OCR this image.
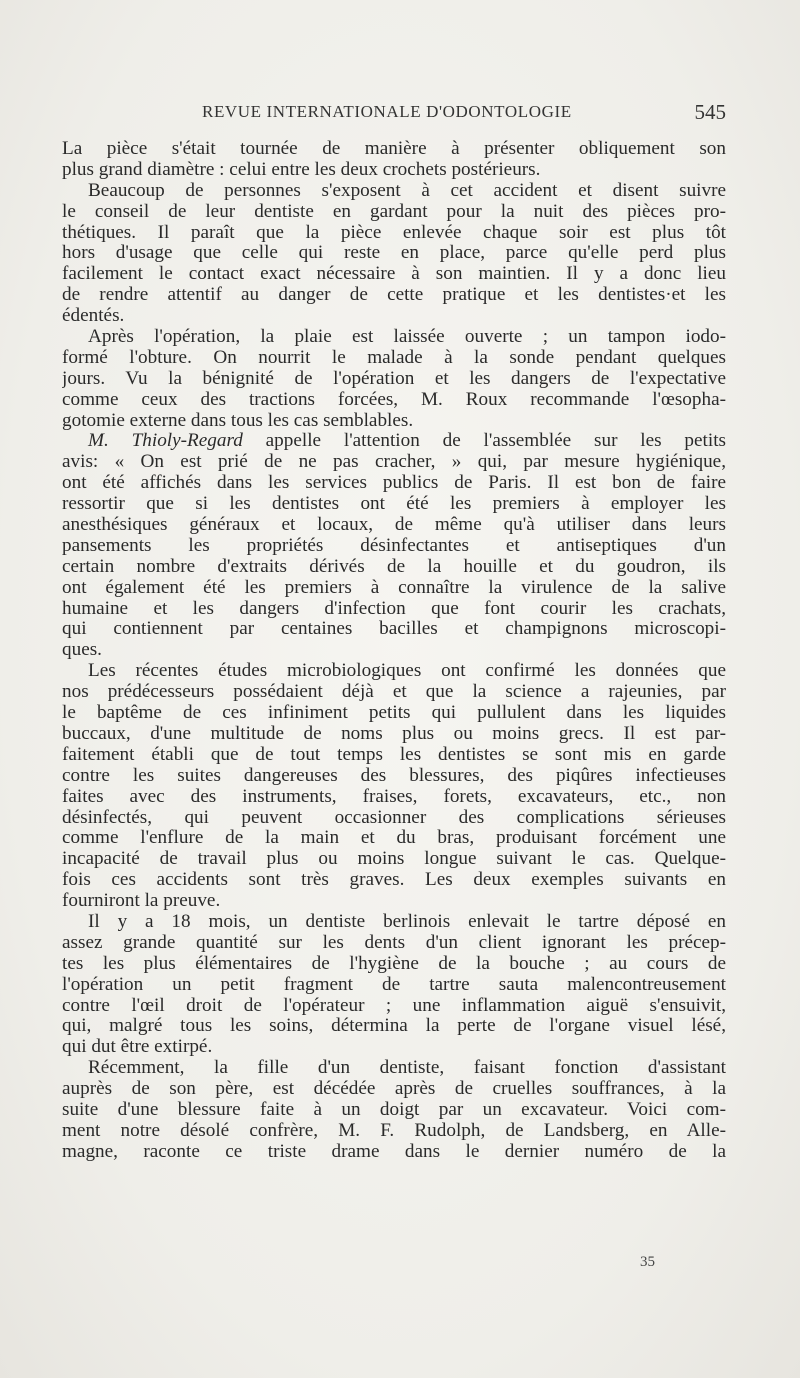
REVUE INTERNATIONALE D'ODONTOLOGIE	545
La pièce s'était tournée de manière à présenter obliquement son
plus grand diamètre : celui entre les deux crochets postérieurs.
Beaucoup de personnes s'exposent à cet accident et disent suivre
le conseil de leur dentiste en gardant pour la nuit des pièces pro-
thétiques. Il paraît que la pièce enlevée chaque soir est plus tôt
hors d'usage que celle qui reste en place, parce qu'elle perd plus
facilement le contact exact nécessaire à son maintien. Il y a donc lieu
de rendre attentif au danger de cette pratique et les dentistes·et les
édentés.
Après l'opération, la plaie est laissée ouverte ; un tampon iodo-
formé l'obture. On nourrit le malade à la sonde pendant quelques
jours. Vu la bénignité de l'opération et les dangers de l'expectative
comme ceux des tractions forcées, M. Roux recommande l'œsopha-
gotomie externe dans tous les cas semblables.
M. Thioly-Regard appelle l'attention de l'assemblée sur les petits
avis: « On est prié de ne pas cracher, » qui, par mesure hygiénique,
ont été affichés dans les services publics de Paris. Il est bon de faire
ressortir que si les dentistes ont été les premiers à employer les
anesthésiques généraux et locaux, de même qu'à utiliser dans leurs
pansements les propriétés désinfectantes et antiseptiques d'un
certain nombre d'extraits dérivés de la houille et du goudron, ils
ont également été les premiers à connaître la virulence de la salive
humaine et les dangers d'infection que font courir les crachats,
qui contiennent par centaines bacilles et champignons microscopi-
ques.
Les récentes études microbiologiques ont confirmé les données que
nos prédécesseurs possédaient déjà et que la science a rajeunies, par
le baptême de ces infiniment petits qui pullulent dans les liquides
buccaux, d'une multitude de noms plus ou moins grecs. Il est par-
faitement établi que de tout temps les dentistes se sont mis en garde
contre les suites dangereuses des blessures, des piqûres infectieuses
faites avec des instruments, fraises, forets, excavateurs, etc., non
désinfectés, qui peuvent occasionner des complications sérieuses
comme l'enflure de la main et du bras, produisant forcément une
incapacité de travail plus ou moins longue suivant le cas. Quelque-
fois ces accidents sont très graves. Les deux exemples suivants en
fourniront la preuve.
Il y a 18 mois, un dentiste berlinois enlevait le tartre déposé en
assez grande quantité sur les dents d'un client ignorant les précep-
tes les plus élémentaires de l'hygiène de la bouche ; au cours de
l'opération un petit fragment de tartre sauta malencontreusement
contre l'œil droit de l'opérateur ; une inflammation aiguë s'ensuivit,
qui, malgré tous les soins, détermina la perte de l'organe visuel lésé,
qui dut être extirpé.
Récemment, la fille d'un dentiste, faisant fonction d'assistant
auprès de son père, est décédée après de cruelles souffrances, à la
suite d'une blessure faite à un doigt par un excavateur. Voici com-
ment notre désolé confrère, M. F. Rudolph, de Landsberg, en Alle-
magne, raconte ce triste drame dans le dernier numéro de la
35
